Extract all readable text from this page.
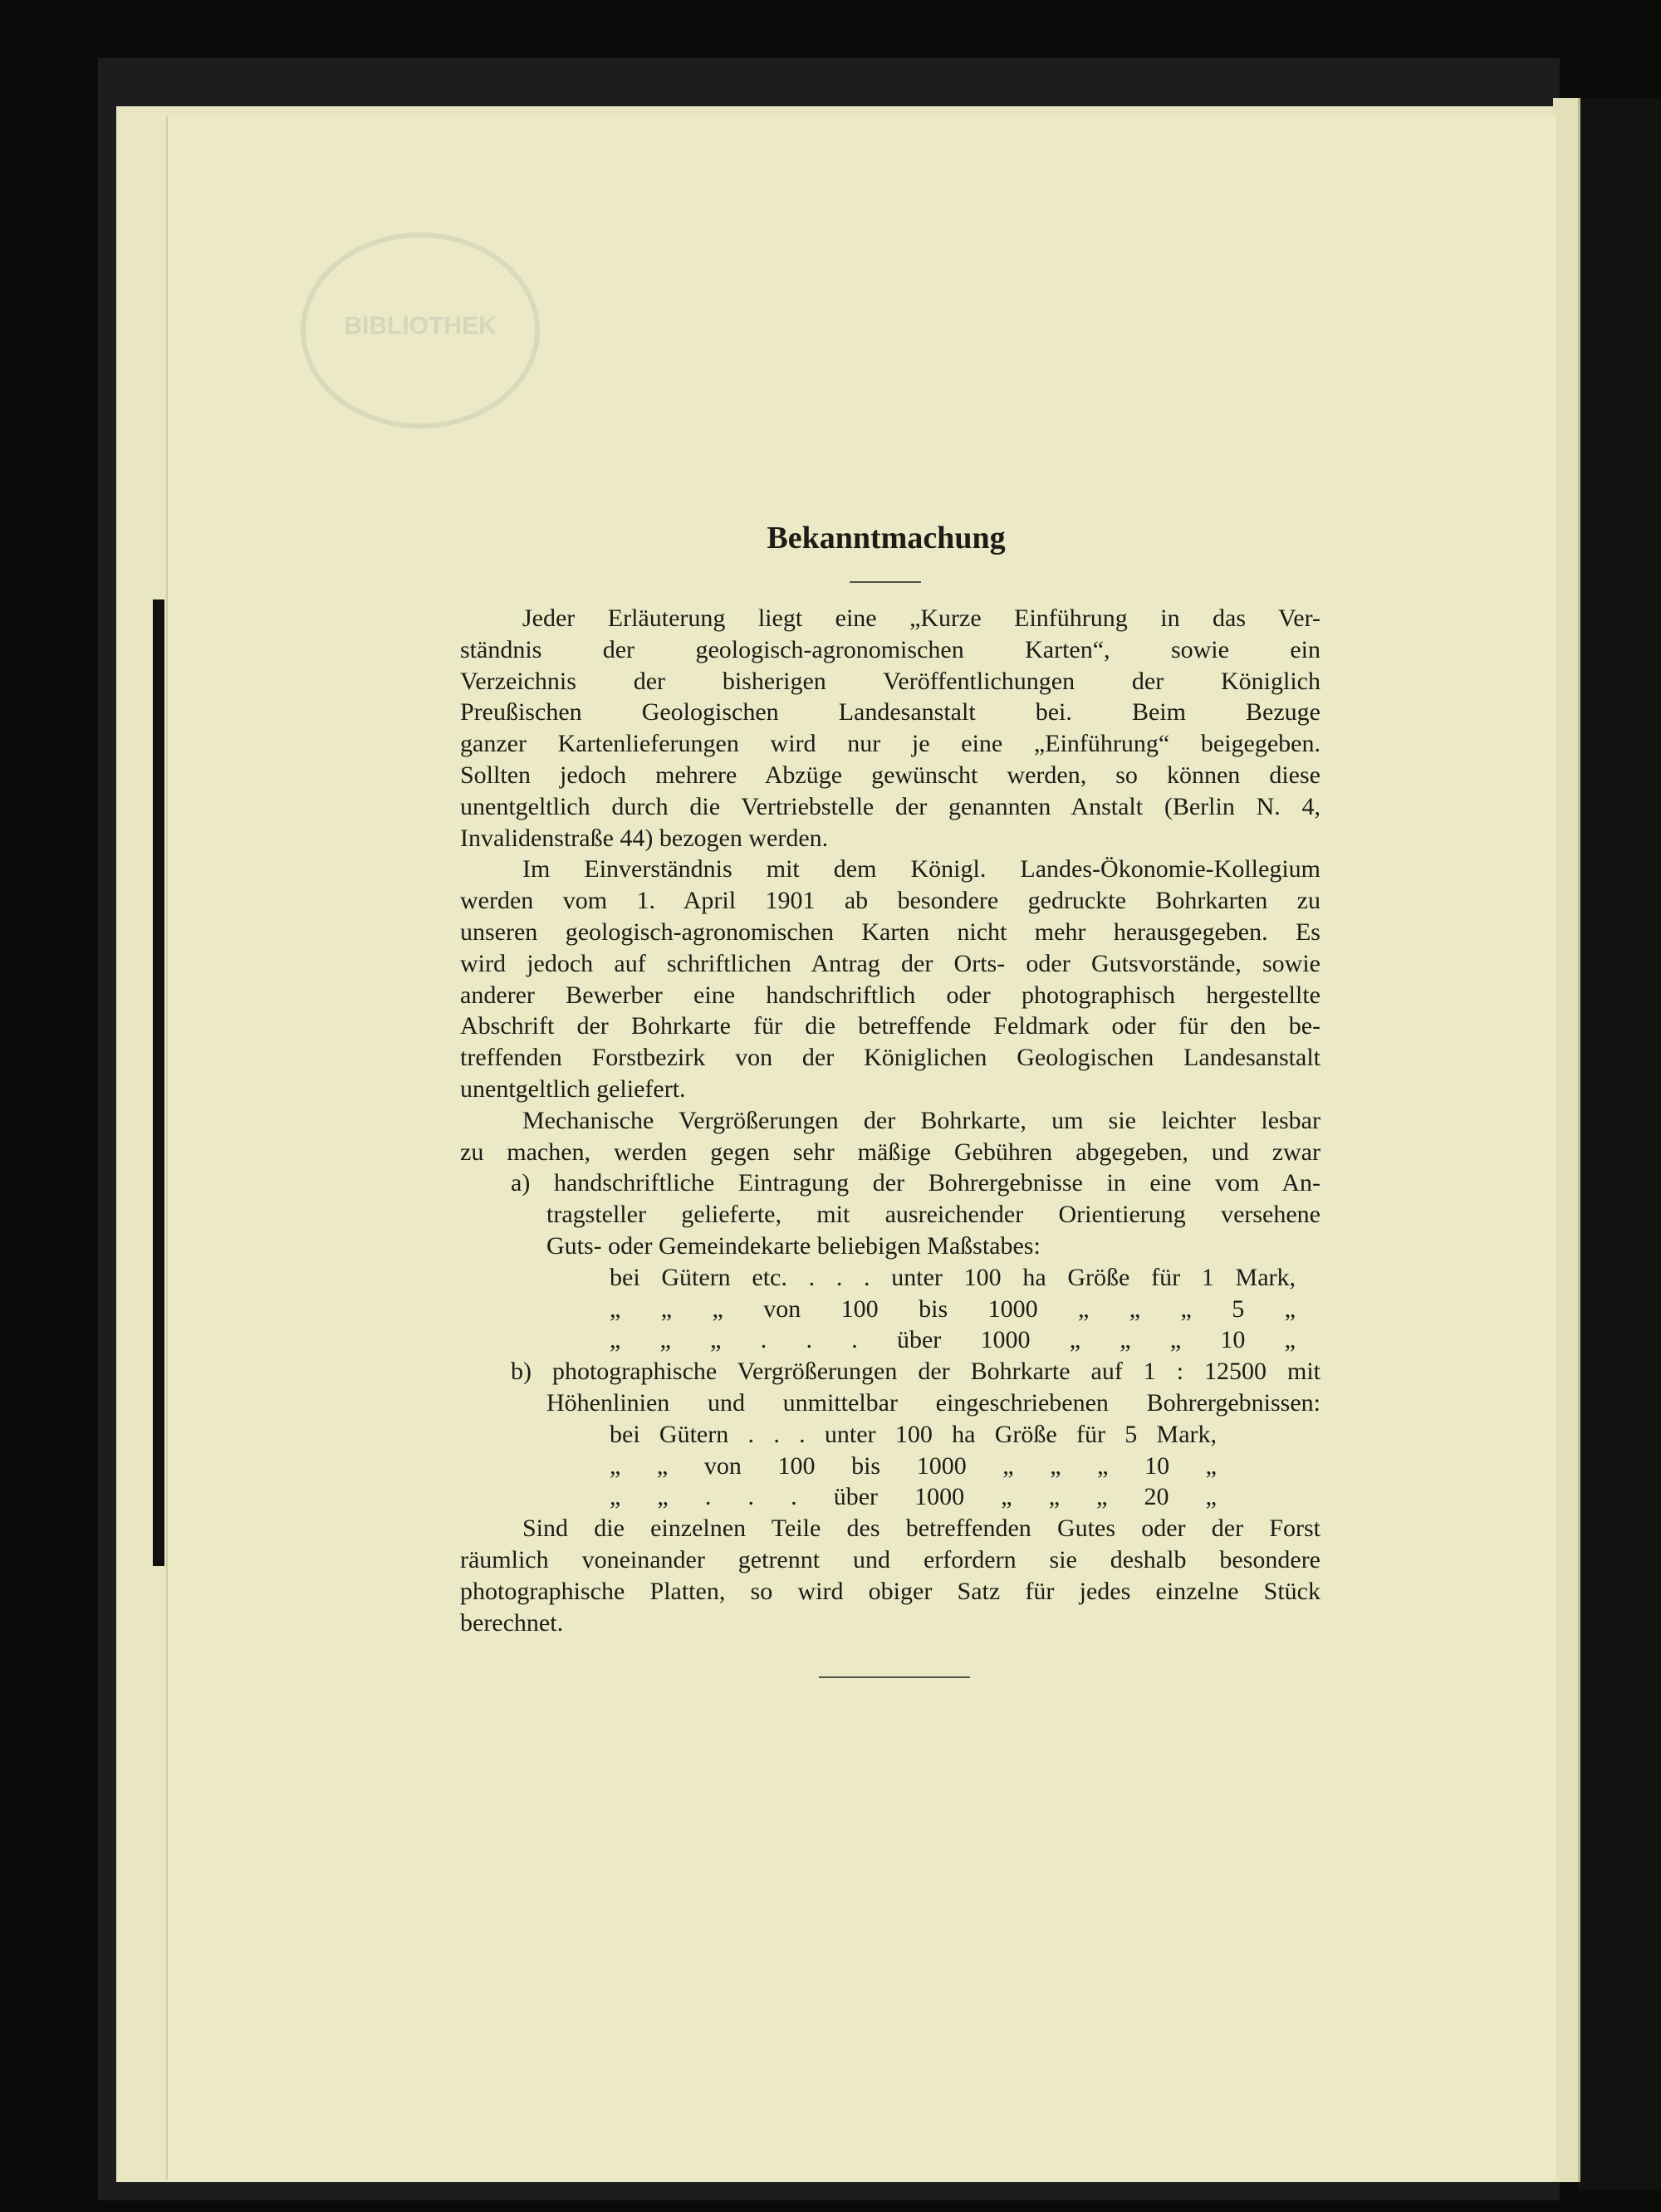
BIBLIOTHEK
Bekanntmachung
Jeder Erläuterung liegt eine „Kurze Einführung in das Ver-
ständnis der geologisch-agronomischen Karten“, sowie ein
Verzeichnis der bisherigen Veröffentlichungen der Königlich
Preußischen Geologischen Landesanstalt bei. Beim Bezuge
ganzer Kartenlieferungen wird nur je eine „Einführung“ beigegeben.
Sollten jedoch mehrere Abzüge gewünscht werden, so können diese
unentgeltlich durch die Vertriebstelle der genannten Anstalt (Berlin N. 4,
Invalidenstraße 44) bezogen werden.
Im Einverständnis mit dem Königl. Landes-Ökonomie-Kollegium
werden vom 1. April 1901 ab besondere gedruckte Bohrkarten zu
unseren geologisch-agronomischen Karten nicht mehr herausgegeben. Es
wird jedoch auf schriftlichen Antrag der Orts- oder Gutsvorstände, sowie
anderer Bewerber eine handschriftlich oder photographisch hergestellte
Abschrift der Bohrkarte für die betreffende Feldmark oder für den be-
treffenden Forstbezirk von der Königlichen Geologischen Landesanstalt
unentgeltlich geliefert.
Mechanische Vergrößerungen der Bohrkarte, um sie leichter lesbar
zu machen, werden gegen sehr mäßige Gebühren abgegeben, und zwar
a) handschriftliche Eintragung der Bohrergebnisse in eine vom An-
tragsteller gelieferte, mit ausreichender Orientierung versehene
Guts- oder Gemeindekarte beliebigen Maßstabes:
bei Gütern etc. . . . unter 100 ha Größe für 1 Mark,
„ „ „ von 100 bis 1000 „ „ „ 5 „
„ „ „ . . . über 1000 „ „ „ 10 „
b) photographische Vergrößerungen der Bohrkarte auf 1 : 12500 mit
Höhenlinien und unmittelbar eingeschriebenen Bohrergebnissen:
bei Gütern . . . unter 100 ha Größe für 5 Mark,
„ „ von 100 bis 1000 „ „ „ 10 „
„ „ . . . über 1000 „ „ „ 20 „
Sind die einzelnen Teile des betreffenden Gutes oder der Forst
räumlich voneinander getrennt und erfordern sie deshalb besondere
photographische Platten, so wird obiger Satz für jedes einzelne Stück
berechnet.
